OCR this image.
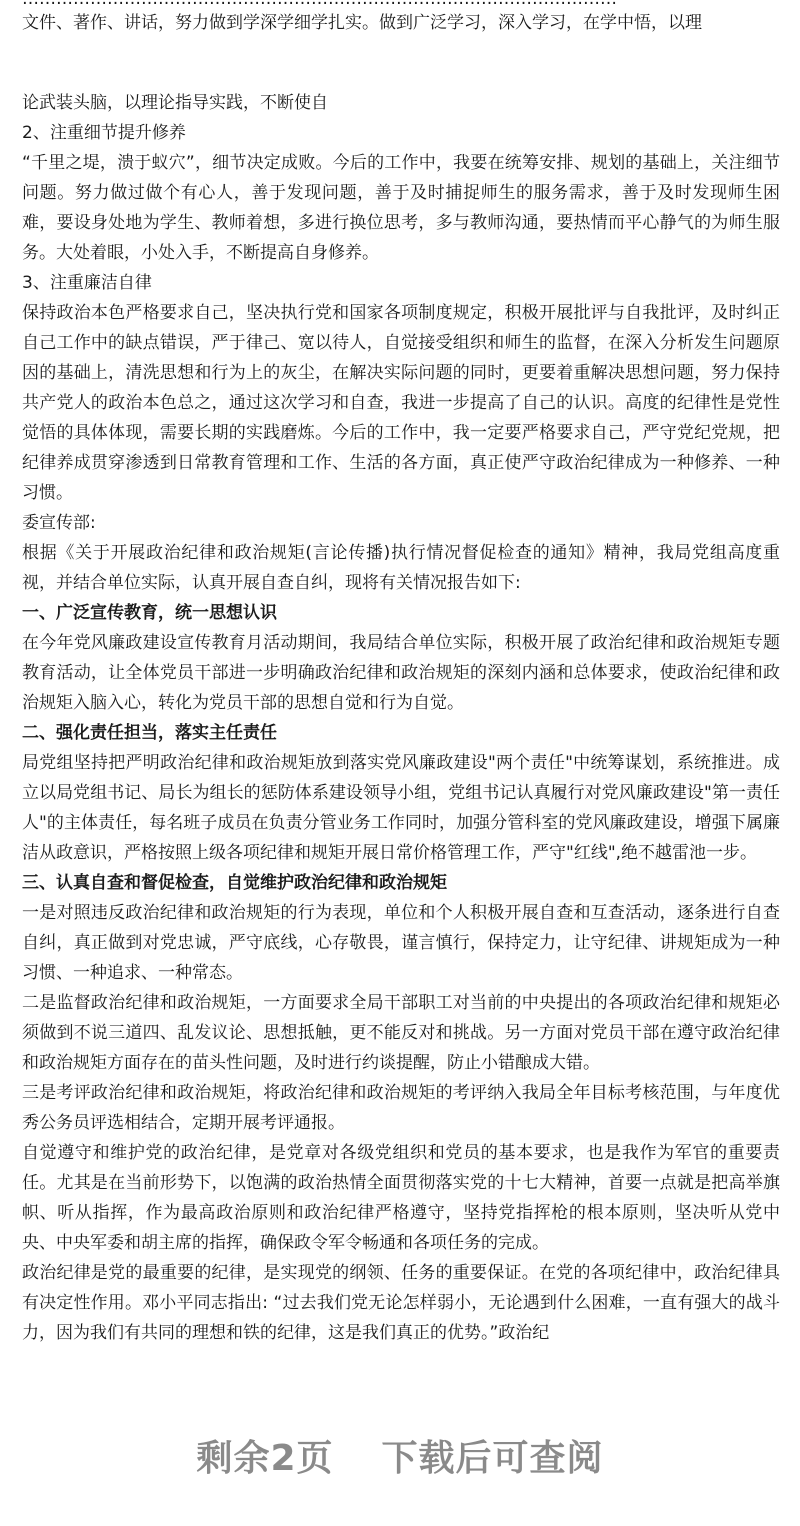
文件、著作、讲话，努力做到学深学细学扎实。做到广泛学习，深入学习，在学中悟，以理

论武装头脑，以理论指导实践，不断使自

2、注重细节提升修养

“千里之堤，溃于蚁穴”，细节决定成败。今后的工作中，我要在统筹安排、规划的基础上，关注细节问题。努力做过做个有心人，善于发现问题，善于及时捕捉师生的服务需求，善于及时发现师生困难，要设身处地为学生、教师着想，多进行换位思考，多与教师沟通，要热情而平心静气的为师生服务。大处着眼，小处入手，不断提高自身修养。

3、注重廉洁自律

保持政治本色严格要求自己，坚决执行党和国家各项制度规定，积极开展批评与自我批评，及时纠正自己工作中的缺点错误，严于律己、宽以待人，自觉接受组织和师生的监督，在深入分析发生问题原因的基础上，清洗思想和行为上的灰尘，在解决实际问题的同时，更要着重解决思想问题，努力保持共产党人的政治本色总之，通过这次学习和自查，我进一步提高了自己的认识。高度的纪律性是党性觉悟的具体体现，需要长期的实践磨炼。今后的工作中，我一定要严格要求自己，严守党纪党规，把纪律养成贯穿渗透到日常教育管理和工作、生活的各方面，真正使严守政治纪律成为一种修养、一种习惯。

委宣传部:

根据《关于开展政治纪律和政治规矩(言论传播)执行情况督促检查的通知》精神，我局党组高度重视，并结合单位实际，认真开展自查自纠，现将有关情况报告如下:

一、广泛宣传教育，统一思想认识

在今年党风廉政建设宣传教育月活动期间，我局结合单位实际，积极开展了政治纪律和政治规矩专题教育活动，让全体党员干部进一步明确政治纪律和政治规矩的深刻内涵和总体要求，使政治纪律和政治规矩入脑入心，转化为党员干部的思想自觉和行为自觉。

二、强化责任担当，落实主任责任

局党组坚持把严明政治纪律和政治规矩放到落实党风廉政建设"两个责任"中统筹谋划，系统推进。成立以局党组书记、局长为组长的惩防体系建设领导小组，党组书记认真履行对党风廉政建设"第一责任人"的主体责任，每名班子成员在负责分管业务工作同时，加强分管科室的党风廉政建设，增强下属廉洁从政意识，严格按照上级各项纪律和规矩开展日常价格管理工作，严守"红线",绝不越雷池一步。

三、认真自查和督促检查，自觉维护政治纪律和政治规矩

一是对照违反政治纪律和政治规矩的行为表现，单位和个人积极开展自查和互查活动，逐条进行自查自纠，真正做到对党忠诚，严守底线，心存敬畏，谨言慎行，保持定力，让守纪律、讲规矩成为一种习惯、一种追求、一种常态。

二是监督政治纪律和政治规矩，一方面要求全局干部职工对当前的中央提出的各项政治纪律和规矩必须做到不说三道四、乱发议论、思想抵触，更不能反对和挑战。另一方面对党员干部在遵守政治纪律和政治规矩方面存在的苗头性问题，及时进行约谈提醒，防止小错酿成大错。

三是考评政治纪律和政治规矩，将政治纪律和政治规矩的考评纳入我局全年目标考核范围，与年度优秀公务员评选相结合，定期开展考评通报。

自觉遵守和维护党的政治纪律，是党章对各级党组织和党员的基本要求，也是我作为军官的重要责任。尤其是在当前形势下，以饱满的政治热情全面贯彻落实党的十七大精神，首要一点就是把高举旗帜、听从指挥，作为最高政治原则和政治纪律严格遵守，坚持党指挥枪的根本原则，坚决听从党中央、中央军委和胡主席的指挥，确保政令军令畅通和各项任务的完成。

政治纪律是党的最重要的纪律，是实现党的纲领、任务的重要保证。在党的各项纪律中，政治纪律具有决定性作用。邓小平同志指出: “过去我们党无论怎样弱小，无论遇到什么困难，一直有强大的战斗力，因为我们有共同的理想和铁的纪律，这是我们真正的优势。”政治纪

剩余2页 下载后可查阅
